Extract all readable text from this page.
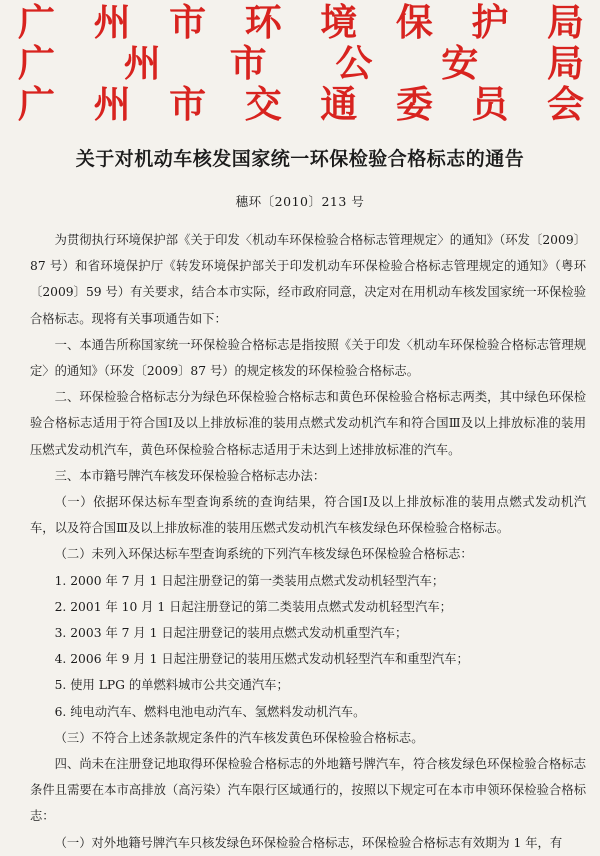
广 州 市 环 境 保 护 局
广 州 市 公 安 局
广 州 市 交 通 委 员 会
关于对机动车核发国家统一环保检验合格标志的通告
穗环〔2010〕213 号

为贯彻执行环境保护部《关于印发〈机动车环保检验合格标志管理规定〉的通知》（环发〔2009〕87 号）和省环境保护厅《转发环境保护部关于印发机动车环保检验合格标志管理规定的通知》（粤环〔2009〕59 号）有关要求，结合本市实际，经市政府同意，决定对在用机动车核发国家统一环保检验合格标志。现将有关事项通告如下：

一、本通告所称国家统一环保检验合格标志是指按照《关于印发〈机动车环保检验合格标志管理规定〉的通知》（环发〔2009〕87 号）的规定核发的环保检验合格标志。

二、环保检验合格标志分为绿色环保检验合格标志和黄色环保检验合格标志两类，其中绿色环保检验合格标志适用于符合国Ⅰ及以上排放标准的装用点燃式发动机汽车和符合国Ⅲ及以上排放标准的装用压燃式发动机汽车，黄色环保检验合格标志适用于未达到上述排放标准的汽车。

三、本市籍号牌汽车核发环保检验合格标志办法：

（一）依据环保达标车型查询系统的查询结果，符合国Ⅰ及以上排放标准的装用点燃式发动机汽车，以及符合国Ⅲ及以上排放标准的装用压燃式发动机汽车核发绿色环保检验合格标志。

（二）未列入环保达标车型查询系统的下列汽车核发绿色环保检验合格标志：

1. 2000 年 7 月 1 日起注册登记的第一类装用点燃式发动机轻型汽车；

2. 2001 年 10 月 1 日起注册登记的第二类装用点燃式发动机轻型汽车；

3. 2003 年 7 月 1 日起注册登记的装用点燃式发动机重型汽车；

4. 2006 年 9 月 1 日起注册登记的装用压燃式发动机轻型汽车和重型汽车；

5. 使用 LPG 的单燃料城市公共交通汽车；

6. 纯电动汽车、燃料电池电动汽车、氢燃料发动机汽车。

（三）不符合上述条款规定条件的汽车核发黄色环保检验合格标志。

四、尚未在注册登记地取得环保检验合格标志的外地籍号牌汽车，符合核发绿色环保检验合格标志条件且需要在本市高排放（高污染）汽车限行区域通行的，按照以下规定可在本市申领环保检验合格标志：

（一）对外地籍号牌汽车只核发绿色环保检验合格标志，环保检验合格标志有效期为 1 年，有
